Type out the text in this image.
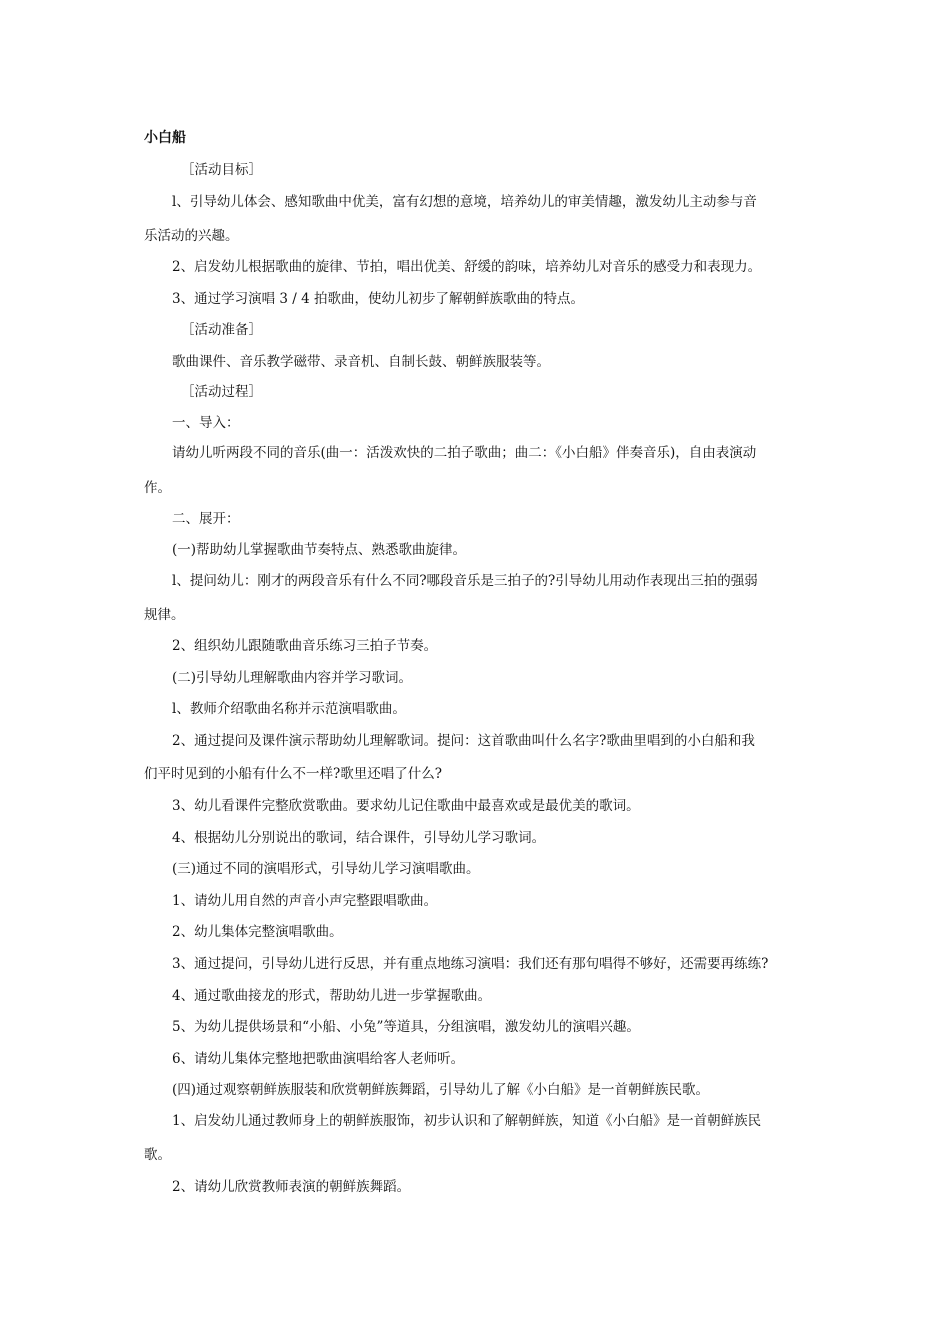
小白船
［活动目标］
l、引导幼儿体会、感知歌曲中优美，富有幻想的意境，培养幼儿的审美情趣，激发幼儿主动参与音
乐活动的兴趣。
2、启发幼儿根据歌曲的旋律、节拍，唱出优美、舒缓的韵味，培养幼儿对音乐的感受力和表现力。
3、通过学习演唱 3 / 4 拍歌曲，使幼儿初步了解朝鲜族歌曲的特点。
［活动准备］
歌曲课件、音乐教学磁带、录音机、自制长鼓、朝鲜族服装等。
［活动过程］
一、导入：
请幼儿听两段不同的音乐(曲一：活泼欢快的二拍子歌曲；曲二：《小白船》伴奏音乐)，自由表演动
作。
二、展开：
(一)帮助幼儿掌握歌曲节奏特点、熟悉歌曲旋律。
l、提问幼儿：刚才的两段音乐有什么不同?哪段音乐是三拍子的?引导幼儿用动作表现出三拍的强弱
规律。
2、组织幼儿跟随歌曲音乐练习三拍子节奏。
(二)引导幼儿理解歌曲内容并学习歌词。
l、教师介绍歌曲名称并示范演唱歌曲。
2、通过提问及课件演示帮助幼儿理解歌词。提问：这首歌曲叫什么名字?歌曲里唱到的小白船和我
们平时见到的小船有什么不一样?歌里还唱了什么?
3、幼儿看课件完整欣赏歌曲。要求幼儿记住歌曲中最喜欢或是最优美的歌词。
4、根据幼儿分别说出的歌词，结合课件，引导幼儿学习歌词。
(三)通过不同的演唱形式，引导幼儿学习演唱歌曲。
1、请幼儿用自然的声音小声完整跟唱歌曲。
2、幼儿集体完整演唱歌曲。
3、通过提问，引导幼儿进行反思，并有重点地练习演唱：我们还有那句唱得不够好，还需要再练练?
4、通过歌曲接龙的形式，帮助幼儿进一步掌握歌曲。
5、为幼儿提供场景和“小船、小兔”等道具，分组演唱，激发幼儿的演唱兴趣。
6、请幼儿集体完整地把歌曲演唱给客人老师听。
(四)通过观察朝鲜族服装和欣赏朝鲜族舞蹈，引导幼儿了解《小白船》是一首朝鲜族民歌。
1、启发幼儿通过教师身上的朝鲜族服饰，初步认识和了解朝鲜族，知道《小白船》是一首朝鲜族民
歌。
2、请幼儿欣赏教师表演的朝鲜族舞蹈。
